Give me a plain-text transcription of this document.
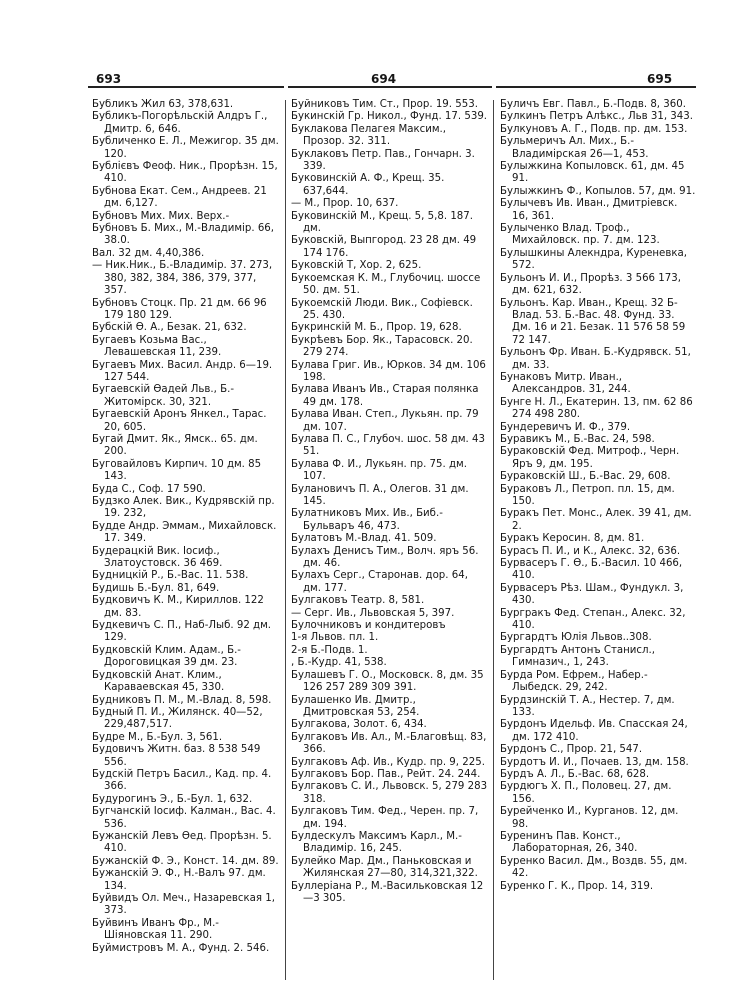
693	694	695

Бубликъ Жил 63, 378,631.

Бубликъ-Погорѣльскій Алдръ Г., Дмитр. 6, 646.

Бубличенко Е. Л., Межигор. 35 дм. 120.

Бублієвъ Феоф. Ник., Прорѣзн. 15, 410.

Бубнова Екат. Сем., Андреев. 21 дм. 6,127.

Бубновъ Мих. Мих. Верх.-

Бубновъ Б. Мих., М.-Владимір. 66, 38.0.

Вал. 32 дм. 4,40,386.

— Ник.Ник., Б.-Владимір. 37. 273, 380, 382, 384, 386, 379, 377, 357.

Бубновъ Стоцк. Пр. 21 дм. 66 96 179 180 129.

Бубскій Ө. А., Безак. 21, 632.

Бугаевъ Козьма Вас., Левашевская 11, 239.

Бугаевъ Мих. Васил. Андр. 6—19. 127 544.

Бугаевскій Ѳадей Льв., Б.-Житомірск. 30, 321.

Бугаевскій Аронъ Янкел., Тарас. 20, 605.

Бугай Дмит. Як., Ямск.. 65. дм. 200.

Буговайловъ Кирпич. 10 дм. 85 143.

Буда С., Соф. 17 590.

Будзко Алек. Вик., Кудрявскій пр. 19. 232,

Будде Андр. Эммам., Михайловск. 17. 349.

Будерацкій Вик. Іосиф., Златоустовск. 36 469.

Будницкій Р., Б.-Вас. 11. 538.

Будишь Б.-Бул. 81, 649.

Будковичъ К. М., Кириллов. 122 дм. 83.

Будкевичъ С. П., Наб-Лыб. 92 дм. 129.

Будковскій Клим. Адам., Б.-Дороговицкая 39 дм. 23.

Будковскій Анат. Клим., Караваевская 45, 330.

Будниковъ П. М., М.-Влад. 8, 598.

Будный П. И., Жилянск. 40—52, 229,487,517.

Будре М., Б.-Бул. 3, 561.

Будовичъ Житн. баз. 8 538 549 556.

Будскій Петръ Басил., Кад. пр. 4. 366.

Будурогинъ Э., Б.-Бул. 1, 632.

Бугчанскій Іосиф. Калман., Вас. 4. 536.

Бужанскій Левъ Ѳед. Прорѣзн. 5. 410.

Бужанскій Ф. Э., Конст. 14. дм. 89.

Бужанскій Э. Ф., Н.-Валъ 97. дм. 134.

Буйвидъ Ол. Меч., Назаревская 1, 373.

Буйвинъ Иванъ Фр., М.-Шіяновская 11. 290.

Буймистровъ М. А., Фунд. 2. 546.

Буйниковъ Тим. Ст., Прор. 19. 553.

Букинскій Гр. Никол., Фунд. 17. 539.

Буклакова Пелагея Максим., Прозор. 32. 311.

Буклаковъ Петр. Пав., Гончарн. 3. 339.

Буковинскій А. Ф., Крещ. 35. 637,644.

— М., Прор. 10, 637.

Буковинскій М., Крещ. 5, 5,8. 187. дм.

Буковскій, Выпгород. 23 28 дм. 49 174 176.

Буковскій Т, Хор. 2, 625.

Букоемская К. М., Глубочиц. шоссе 50. дм. 51.

Букоемскій Люди. Вик., Софіевск. 25. 430.

Букринскій М. Б., Прор. 19, 628.

Букрѣевъ Бор. Як., Тарасовск. 20. 279 274.

Булава Григ. Ив., Юрков. 34 дм. 106 198.

Булава Иванъ Ив., Старая полянка 49 дм. 178.

Булава Иван. Степ., Лукьян. пр. 79 дм. 107.

Булава П. С., Глубоч. шос. 58 дм. 43 51.

Булава Ф. И., Лукьян. пр. 75. дм. 107.

Булановичъ П. А., Олегов. 31 дм. 145.

Булатниковъ Мих. Ив., Биб.-Бульваръ 46, 473.

Булатовъ М.-Влад. 41. 509.

Булахъ Денисъ Тим., Волч. яръ 56. дм. 46.

Булахъ Серг., Старонав. дор. 64, дм. 177.

Булгаковъ Театр. 8, 581.

— Серг. Ив., Львовская 5, 397.

Булочниковъ и кондитеровъ

1-я Львов. пл. 1.

2-я Б.-Подв. 1.

, Б.-Кудр. 41, 538.

Булашевъ Г. О., Московск. 8, дм. 35 126 257 289 309 391.

Булашенко Ив. Дмитр., Дмитровская 53, 254.

Булгакова, Золот. 6, 434.

Булгаковъ Ив. Ал., М.-Благовѣщ. 83, 366.

Булгаковъ Аф. Ив., Кудр. пр. 9, 225.

Булгаковъ Бор. Пав., Рейт. 24. 244.

Булгаковъ С. И., Львовск. 5, 279 283 318.

Булгаковъ Тим. Фед., Черен. пр. 7, дм. 194.

Булдескулъ Максимъ Карл., М.-Владимір. 16, 245.

Булейко Мар. Дм., Паньковская и Жилянская 27—80, 314,321,322.

Буллеріана Р., М.-Васильковская 12—3 305.

Буличъ Евг. Павл., Б.-Подв. 8, 360.

Булкинъ Петръ Алѣкс., Льв 31, 343.

Булкуновъ А. Г., Подв. пр. дм. 153.

Бульмеричъ Ал. Мих., Б.-Владимірская 26—1, 453.

Булыжкина Копыловск. 61, дм. 45 91.

Булыжкинъ Ф., Копылов. 57, дм. 91.

Булычевъ Ив. Иван., Дмитріевск. 16, 361.

Булыченко Влад. Троф., Михайловск. пр. 7. дм. 123.

Булышкины Алекндра, Куреневка, 572.

Бульонъ И. И., Прорѣз. 3 566 173, дм. 621, 632.

Бульонъ. Кар. Иван., Крещ. 32 Б-Влад. 53. Б.-Вас. 48. Фунд. 33. Дм. 16 и 21. Безак. 11 576 58 59 72 147.

Бульонъ Фр. Иван. Б.-Кудрявск. 51, дм. 33.

Бунаковъ Митр. Иван., Александров. 31, 244.

Бунге Н. Л., Екатерин. 13, пм. 62 86 274 498 280.

Бундеревичъ И. Ф., 379.

Буравикъ М., Б.-Вас. 24, 598.

Бураковскій Фед. Митроф., Черн. Яръ 9, дм. 195.

Бураковскій Ш., Б.-Вас. 29, 608.

Бураковъ Л., Петроп. пл. 15, дм. 150.

Буракъ Пет. Монс., Алек. 39 41, дм. 2.

Буракъ Керосин. 8, дм. 81.

Бурасъ П. И., и К., Алекс. 32, 636.

Бурвасеръ Г. Ѳ., Б.-Васил. 10 466, 410.

Бурвасеръ Рѣз. Шам., Фундукл. 3, 430.

Бургракъ Фед. Степан., Алекс. 32, 410.

Бургардтъ Юлія Львов..308.

Бургардтъ Антонъ Станисл., Гимназич., 1, 243.

Бурда Ром. Ефрем., Набер.-Лыбедск. 29, 242.

Бурдзинскій Т. А., Нестер. 7, дм. 133.

Бурдонъ Идельф. Ив. Спасская 24, дм. 172 410.

Бурдонъ С., Прор. 21, 547.

Бурдотъ И. И., Почаев. 13, дм. 158.

Бурдъ А. Л., Б.-Вас. 68, 628.

Бурдюгъ Х. П., Половец. 27, дм. 156.

Бурейченко И., Курганов. 12, дм. 98.

Буренинъ Пав. Конст., Лабораторная, 26, 340.

Буренко Васил. Дм., Воздв. 55, дм. 42.

Буренко Г. К., Прор. 14, 319.
